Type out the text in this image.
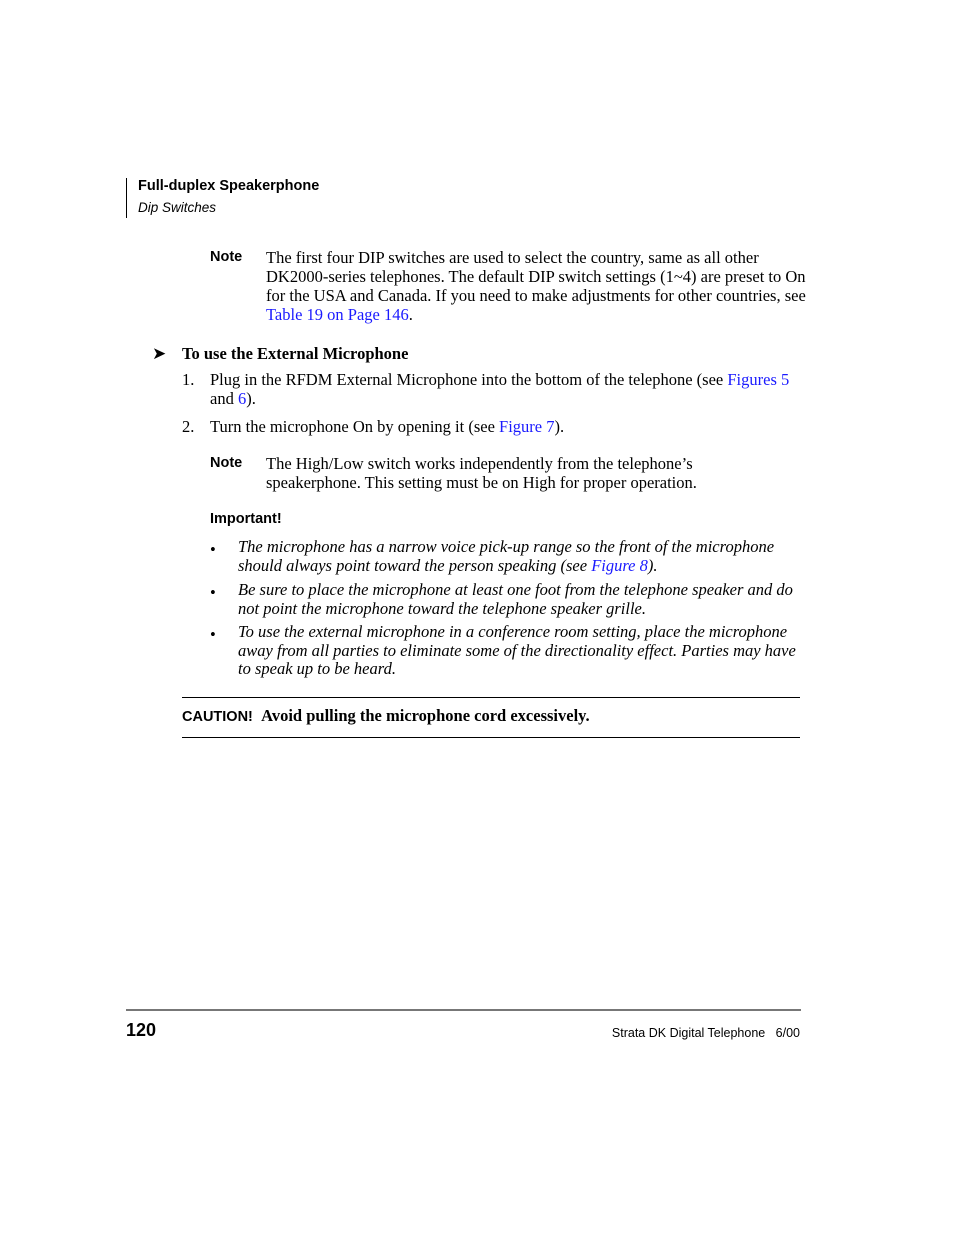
Full-duplex Speakerphone
Dip Switches
Note The first four DIP switches are used to select the country, same as all other DK2000-series telephones. The default DIP switch settings (1~4) are preset to On for the USA and Canada. If you need to make adjustments for other countries, see Table 19 on Page 146.
➤ To use the External Microphone
1. Plug in the RFDM External Microphone into the bottom of the telephone (see Figures 5 and 6).
2. Turn the microphone On by opening it (see Figure 7).
Note The High/Low switch works independently from the telephone’s speakerphone. This setting must be on High for proper operation.
Important!
• The microphone has a narrow voice pick-up range so the front of the microphone should always point toward the person speaking (see Figure 8).
• Be sure to place the microphone at least one foot from the telephone speaker and do not point the microphone toward the telephone speaker grille.
• To use the external microphone in a conference room setting, place the microphone away from all parties to eliminate some of the directionality effect. Parties may have to speak up to be heard.
CAUTION! Avoid pulling the microphone cord excessively.
120	Strata DK Digital Telephone   6/00
